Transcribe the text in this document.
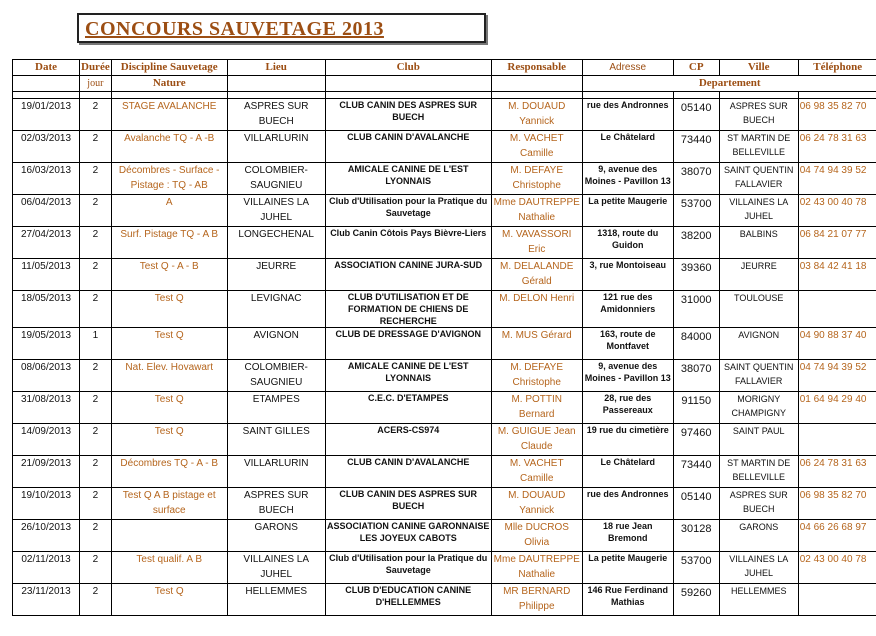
CONCOURS SAUVETAGE 2013
Date	Durée	Discipline Sauvetage	Lieu	Club	Responsable	Adresse	CP	Ville	Téléphone
	jour	Nature				Departement			

19/01/2013	2	STAGE AVALANCHE	ASPRES SUR BUECH	CLUB CANIN DES ASPRES SUR BUECH	M. DOUAUD Yannick	rue des Andronnes	05140	ASPRES SUR BUECH	06 98 35 82 70
02/03/2013	2	Avalanche TQ - A -B	VILLARLURIN	CLUB CANIN D'AVALANCHE	M. VACHET Camille	Le Châtelard	73440	ST MARTIN DE BELLEVILLE	06 24 78 31 63
16/03/2013	2	Décombres - Surface - Pistage : TQ - AB	COLOMBIER-SAUGNIEU	AMICALE CANINE DE L'EST LYONNAIS	M. DEFAYE Christophe	9, avenue des Moines - Pavillon 13	38070	SAINT QUENTIN FALLAVIER	04 74 94 39 52
06/04/2013	2	A	VILLAINES LA JUHEL	Club d'Utilisation pour la Pratique du Sauvetage	Mme DAUTREPPE Nathalie	La petite Maugerie	53700	VILLAINES LA JUHEL	02 43 00 40 78
27/04/2013	2	Surf. Pistage TQ - A B	LONGECHENAL	Club Canin Côtois Pays Bièvre-Liers	M. VAVASSORI Eric	1318, route du Guidon	38200	BALBINS	06 84 21 07 77
11/05/2013	2	Test Q - A - B	JEURRE	ASSOCIATION CANINE JURA-SUD	M. DELALANDE Gérald	3, rue Montoiseau	39360	JEURRE	03 84 42 41 18
18/05/2013	2	Test Q	LEVIGNAC	CLUB D'UTILISATION ET DE FORMATION DE CHIENS DE RECHERCHE	M. DELON Henri	121 rue des Amidonniers	31000	TOULOUSE	
19/05/2013	1	Test Q	AVIGNON	CLUB DE DRESSAGE D'AVIGNON	M. MUS Gérard	163, route de Montfavet	84000	AVIGNON	04 90 88 37 40
08/06/2013	2	Nat. Elev. Hovawart	COLOMBIER-SAUGNIEU	AMICALE CANINE DE L'EST LYONNAIS	M. DEFAYE Christophe	9, avenue des Moines - Pavillon 13	38070	SAINT QUENTIN FALLAVIER	04 74 94 39 52
31/08/2013	2	Test Q	ETAMPES	C.E.C. D'ETAMPES	M. POTTIN Bernard	28, rue des Passereaux	91150	MORIGNY CHAMPIGNY	01 64 94 29 40
14/09/2013	2	Test Q	SAINT GILLES	ACERS-CS974	M. GUIGUE Jean Claude	19 rue du cimetière	97460	SAINT PAUL	
21/09/2013	2	Décombres TQ - A - B	VILLARLURIN	CLUB CANIN D'AVALANCHE	M. VACHET Camille	Le Châtelard	73440	ST MARTIN DE BELLEVILLE	06 24 78 31 63
19/10/2013	2	Test Q A B pistage et surface	ASPRES SUR BUECH	CLUB CANIN DES ASPRES SUR BUECH	M. DOUAUD Yannick	rue des Andronnes	05140	ASPRES SUR BUECH	06 98 35 82 70
26/10/2013	2		GARONS	ASSOCIATION CANINE GARONNAISE LES JOYEUX CABOTS	Mlle DUCROS Olivia	18 rue Jean Bremond	30128	GARONS	04 66 26 68 97
02/11/2013	2	Test qualif. A B	VILLAINES LA JUHEL	Club d'Utilisation pour la Pratique du Sauvetage	Mme DAUTREPPE Nathalie	La petite Maugerie	53700	VILLAINES LA JUHEL	02 43 00 40 78
23/11/2013	2	Test Q	HELLEMMES	CLUB D'EDUCATION CANINE D'HELLEMMES	MR BERNARD Philippe	146 Rue Ferdinand Mathias	59260	HELLEMMES	
